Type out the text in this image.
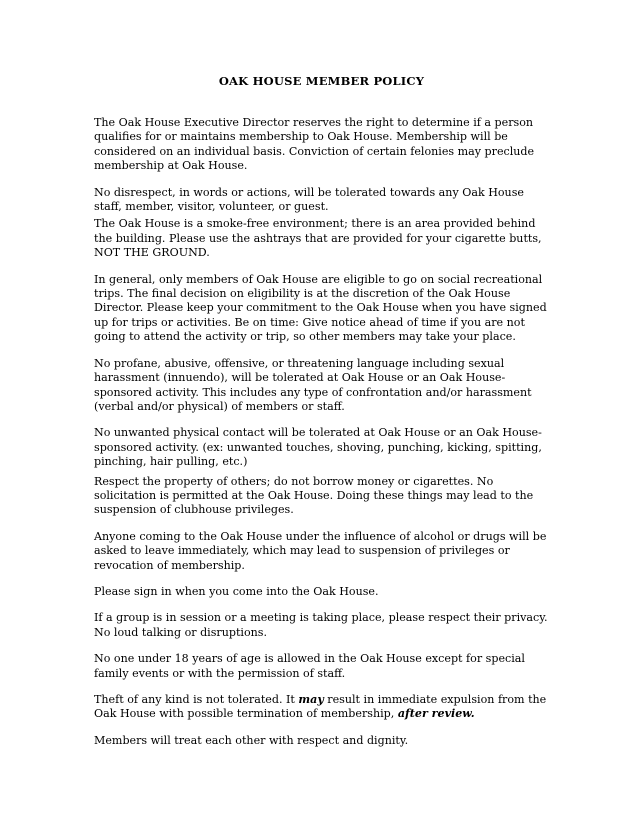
OAK HOUSE MEMBER POLICY

The Oak House Executive Director reserves the right to determine if a person qualifies for or maintains membership to Oak House. Membership will be considered on an individual basis. Conviction of certain felonies may preclude membership at Oak House.

No disrespect, in words or actions, will be tolerated towards any Oak House staff, member, visitor, volunteer, or guest.

The Oak House is a smoke-free environment; there is an area provided behind the building. Please use the ashtrays that are provided for your cigarette butts, NOT THE GROUND.

In general, only members of Oak House are eligible to go on social recreational trips. The final decision on eligibility is at the discretion of the Oak House Director. Please keep your commitment to the Oak House when you have signed up for trips or activities. Be on time: Give notice ahead of time if you are not going to attend the activity or trip, so other members may take your place.

No profane, abusive, offensive, or threatening language including sexual harassment (innuendo), will be tolerated at Oak House or an Oak House-sponsored activity. This includes any type of confrontation and/or harassment (verbal and/or physical) of members or staff.

No unwanted physical contact will be tolerated at Oak House or an Oak House-sponsored activity. (ex: unwanted touches, shoving, punching, kicking, spitting, pinching, hair pulling, etc.)

Respect the property of others; do not borrow money or cigarettes. No solicitation is permitted at the Oak House. Doing these things may lead to the suspension of clubhouse privileges.

Anyone coming to the Oak House under the influence of alcohol or drugs will be asked to leave immediately, which may lead to suspension of privileges or revocation of membership.

Please sign in when you come into the Oak House.

If a group is in session or a meeting is taking place, please respect their privacy. No loud talking or disruptions.

No one under 18 years of age is allowed in the Oak House except for special family events or with the permission of staff.

Theft of any kind is not tolerated. It may result in immediate expulsion from the Oak House with possible termination of membership, after review.

Members will treat each other with respect and dignity.
